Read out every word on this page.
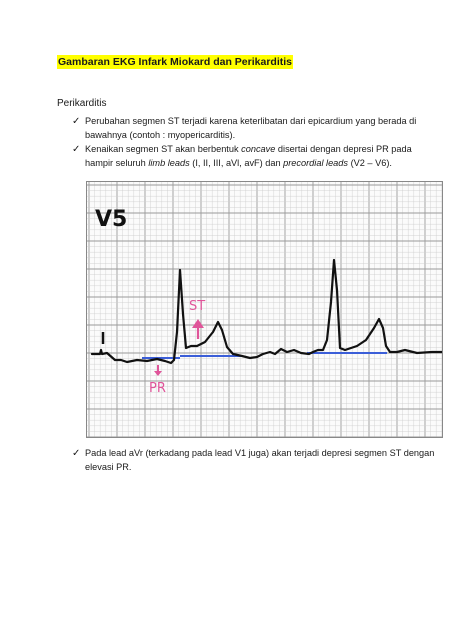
Gambaran EKG Infark Miokard dan Perikarditis
Perikarditis
✓ Perubahan segmen ST terjadi karena keterlibatan dari epicardium yang berada di bawahnya (contoh : myopericarditis).
✓ Kenaikan segmen ST akan berbentuk concave disertai dengan depresi PR pada hampir seluruh limb leads (I, II, III, aVl, avF) dan precordial leads (V2 – V6).
V5
ST
PR
✓ Pada lead aVr (terkadang pada lead V1 juga) akan terjadi depresi segmen ST dengan elevasi PR.
